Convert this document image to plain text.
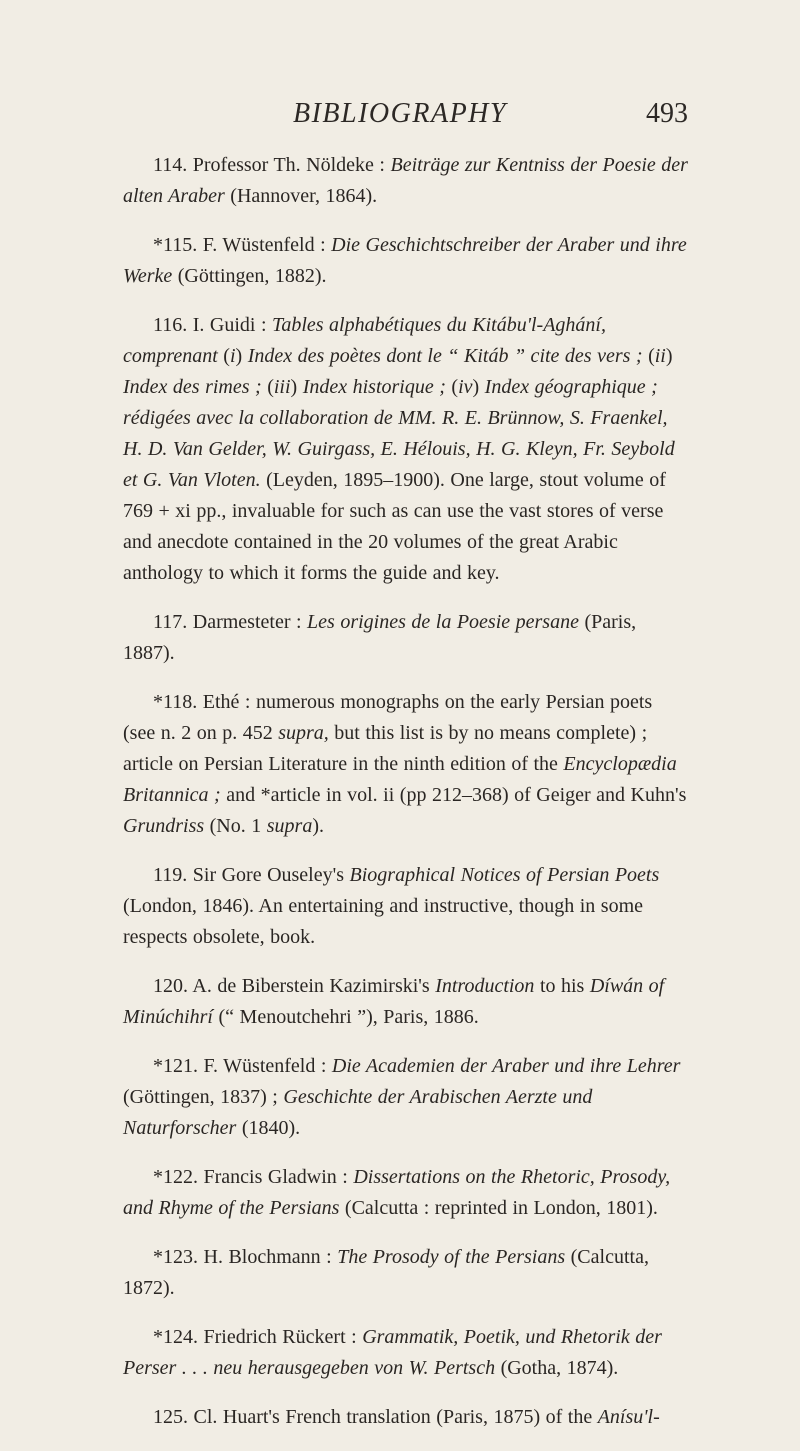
BIBLIOGRAPHY	493

114. Professor Th. Nöldeke : Beiträge zur Kentniss der Poesie der alten Araber (Hannover, 1864).

*115. F. Wüstenfeld : Die Geschichtschreiber der Araber und ihre Werke (Göttingen, 1882).

116. I. Guidi : Tables alphabétiques du Kitábu'l-Aghání, comprenant (i) Index des poètes dont le “ Kitáb ” cite des vers ; (ii) Index des rimes ; (iii) Index historique ; (iv) Index géographique ; rédigées avec la collaboration de MM. R. E. Brünnow, S. Fraenkel, H. D. Van Gelder, W. Guirgass, E. Hélouis, H. G. Kleyn, Fr. Seybold et G. Van Vloten. (Leyden, 1895–1900). One large, stout volume of 769 + xi pp., invaluable for such as can use the vast stores of verse and anecdote contained in the 20 volumes of the great Arabic anthology to which it forms the guide and key.

117. Darmesteter : Les origines de la Poesie persane (Paris, 1887).

*118. Ethé : numerous monographs on the early Persian poets (see n. 2 on p. 452 supra, but this list is by no means complete) ; article on Persian Literature in the ninth edition of the Encyclopædia Britannica ; and *article in vol. ii (pp 212–368) of Geiger and Kuhn's Grundriss (No. 1 supra).

119. Sir Gore Ouseley's Biographical Notices of Persian Poets (London, 1846). An entertaining and instructive, though in some respects obsolete, book.

120. A. de Biberstein Kazimirski's Introduction to his Díwán of Minúchihrí (“ Menoutchehri ”), Paris, 1886.

*121. F. Wüstenfeld : Die Academien der Araber und ihre Lehrer (Göttingen, 1837) ; Geschichte der Arabischen Aerzte und Naturforscher (1840).

*122. Francis Gladwin : Dissertations on the Rhetoric, Prosody, and Rhyme of the Persians (Calcutta : reprinted in London, 1801).

*123. H. Blochmann : The Prosody of the Persians (Calcutta, 1872).

*124. Friedrich Rückert : Grammatik, Poetik, und Rhetorik der Perser . . . neu herausgegeben von W. Pertsch (Gotha, 1874).

125. Cl. Huart's French translation (Paris, 1875) of the Anísu'l-
